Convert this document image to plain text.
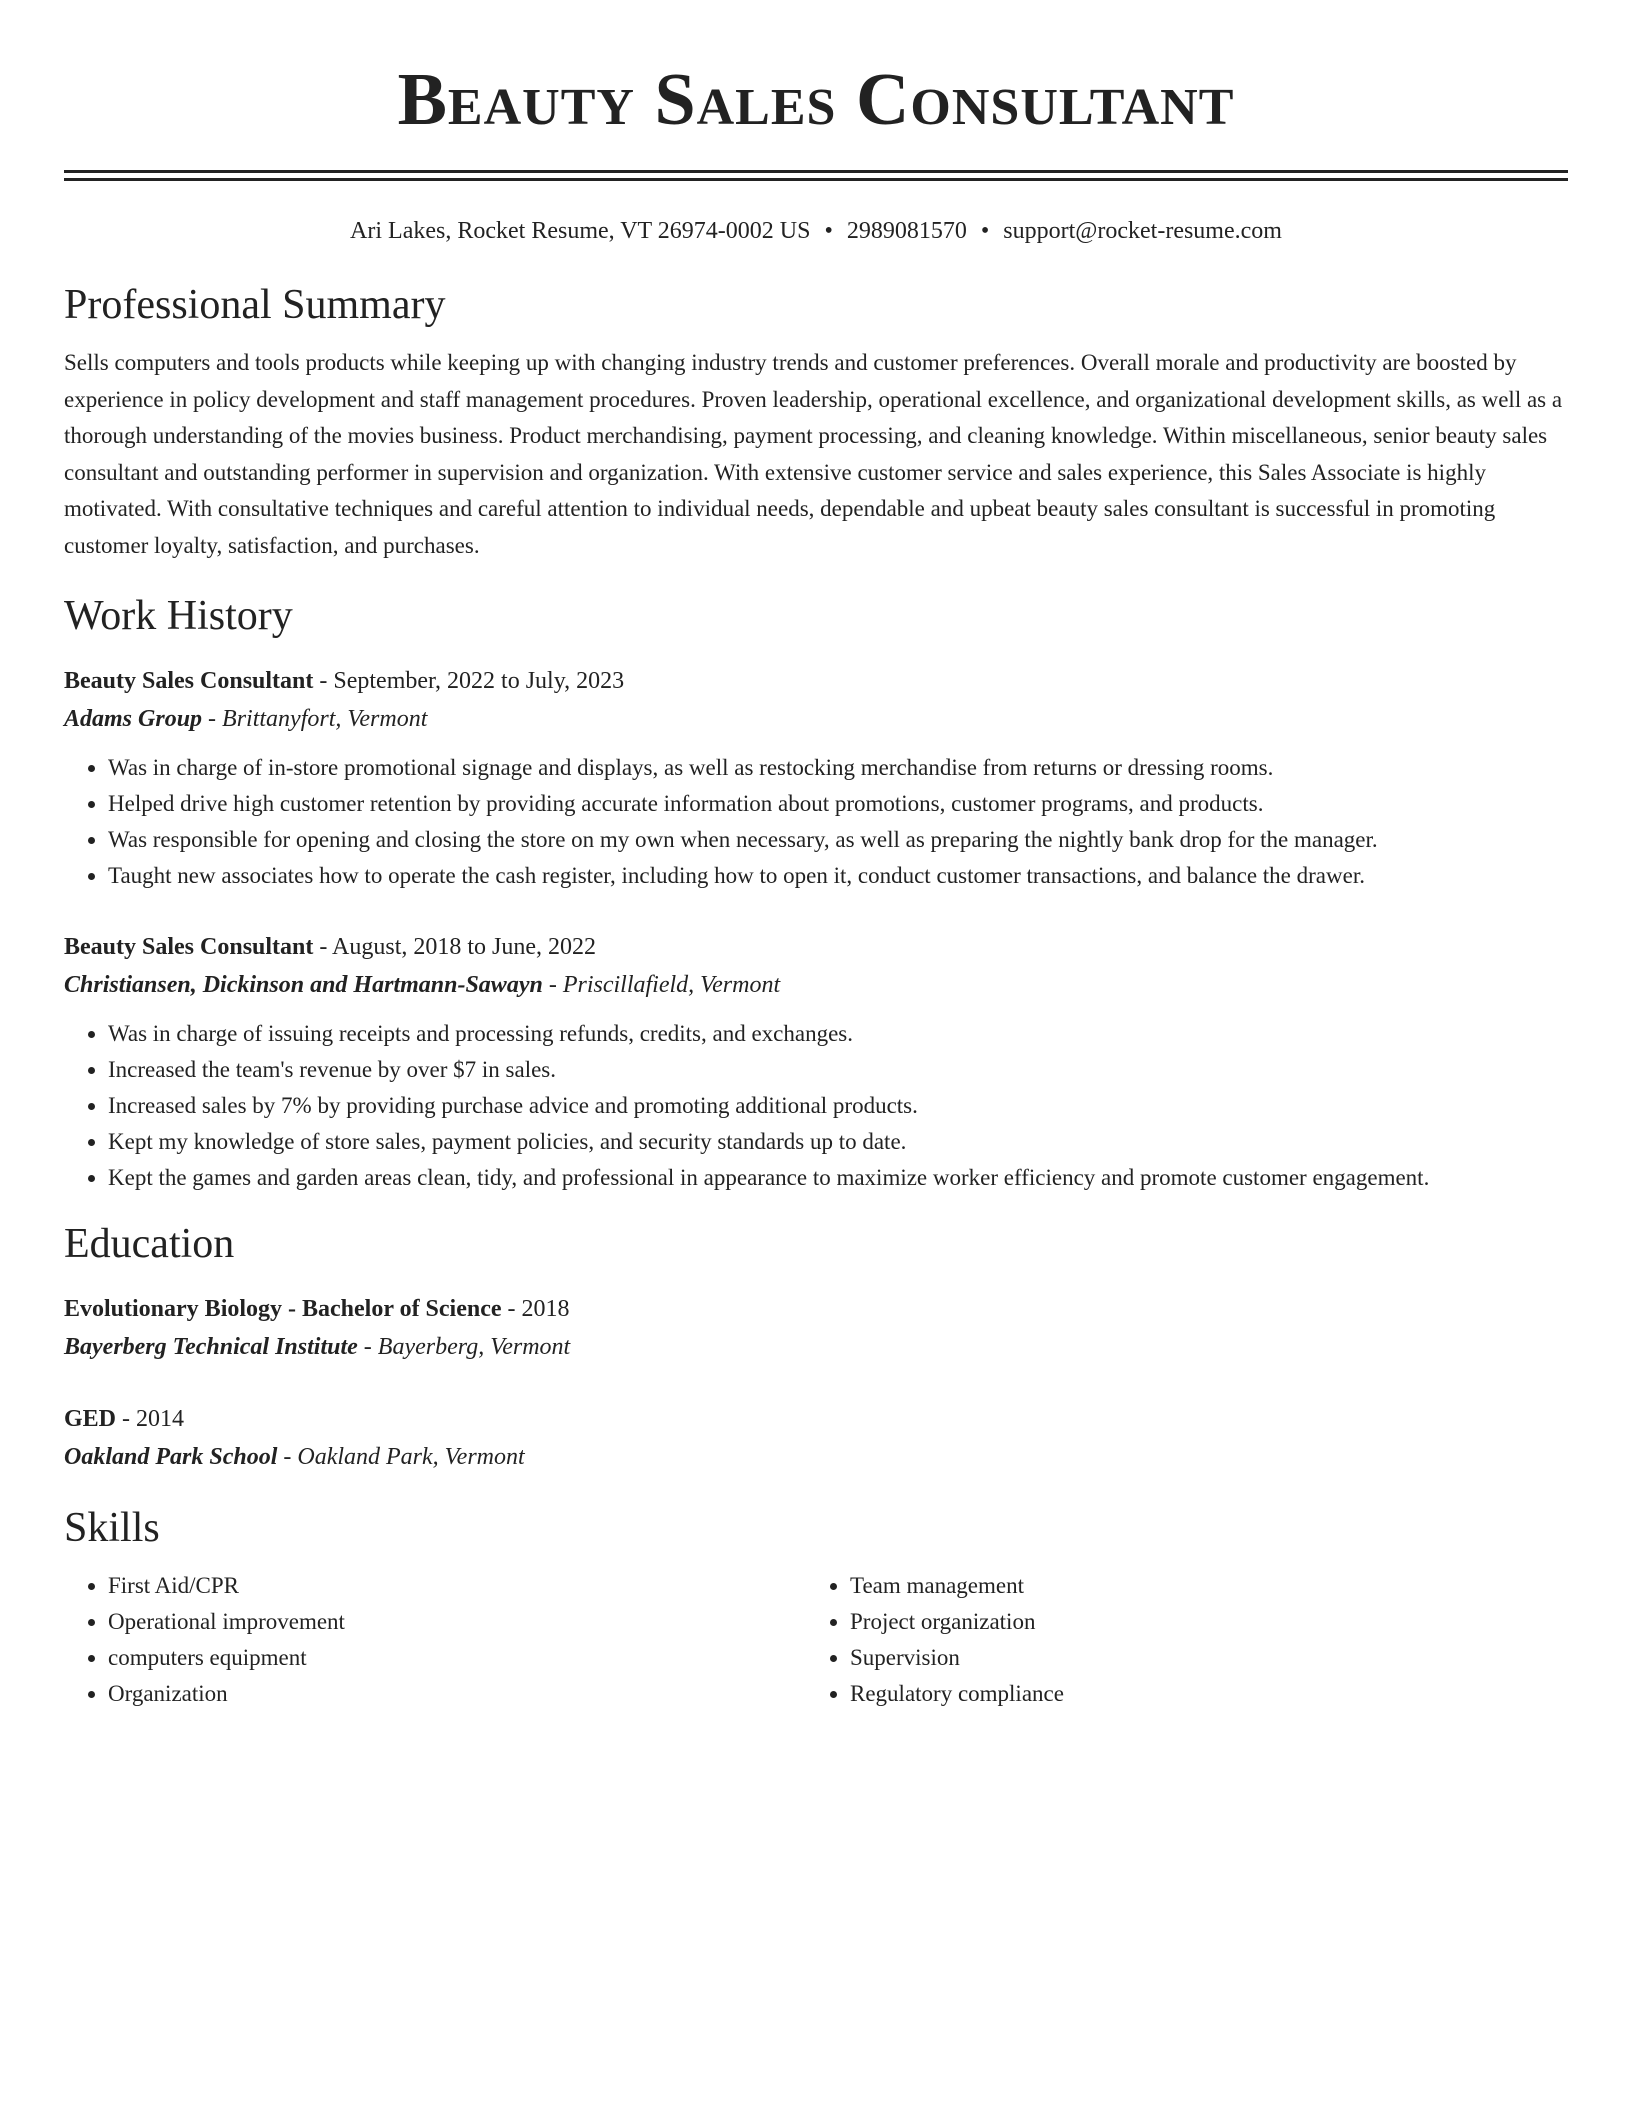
Beauty Sales Consultant
Ari Lakes, Rocket Resume, VT 26974-0002 US • 2989081570 • support@rocket-resume.com
Professional Summary

Sells computers and tools products while keeping up with changing industry trends and customer preferences. Overall morale and productivity are boosted by experience in policy development and staff management procedures. Proven leadership, operational excellence, and organizational development skills, as well as a thorough understanding of the movies business. Product merchandising, payment processing, and cleaning knowledge. Within miscellaneous, senior beauty sales consultant and outstanding performer in supervision and organization. With extensive customer service and sales experience, this Sales Associate is highly motivated. With consultative techniques and careful attention to individual needs, dependable and upbeat beauty sales consultant is successful in promoting customer loyalty, satisfaction, and purchases.

Work History
Beauty Sales Consultant - September, 2022 to July, 2023
Adams Group - Brittanyfort, Vermont
• Was in charge of in-store promotional signage and displays, as well as restocking merchandise from returns or dressing rooms.
• Helped drive high customer retention by providing accurate information about promotions, customer programs, and products.
• Was responsible for opening and closing the store on my own when necessary, as well as preparing the nightly bank drop for the manager.
• Taught new associates how to operate the cash register, including how to open it, conduct customer transactions, and balance the drawer.
Beauty Sales Consultant - August, 2018 to June, 2022
Christiansen, Dickinson and Hartmann-Sawayn - Priscillafield, Vermont
• Was in charge of issuing receipts and processing refunds, credits, and exchanges.
• Increased the team's revenue by over $7 in sales.
• Increased sales by 7% by providing purchase advice and promoting additional products.
• Kept my knowledge of store sales, payment policies, and security standards up to date.
• Kept the games and garden areas clean, tidy, and professional in appearance to maximize worker efficiency and promote customer engagement.
Education
Evolutionary Biology - Bachelor of Science - 2018
Bayerberg Technical Institute - Bayerberg, Vermont
GED - 2014
Oakland Park School - Oakland Park, Vermont
Skills
• First Aid/CPR
• Operational improvement
• computers equipment
• Organization
• Team management
• Project organization
• Supervision
• Regulatory compliance
